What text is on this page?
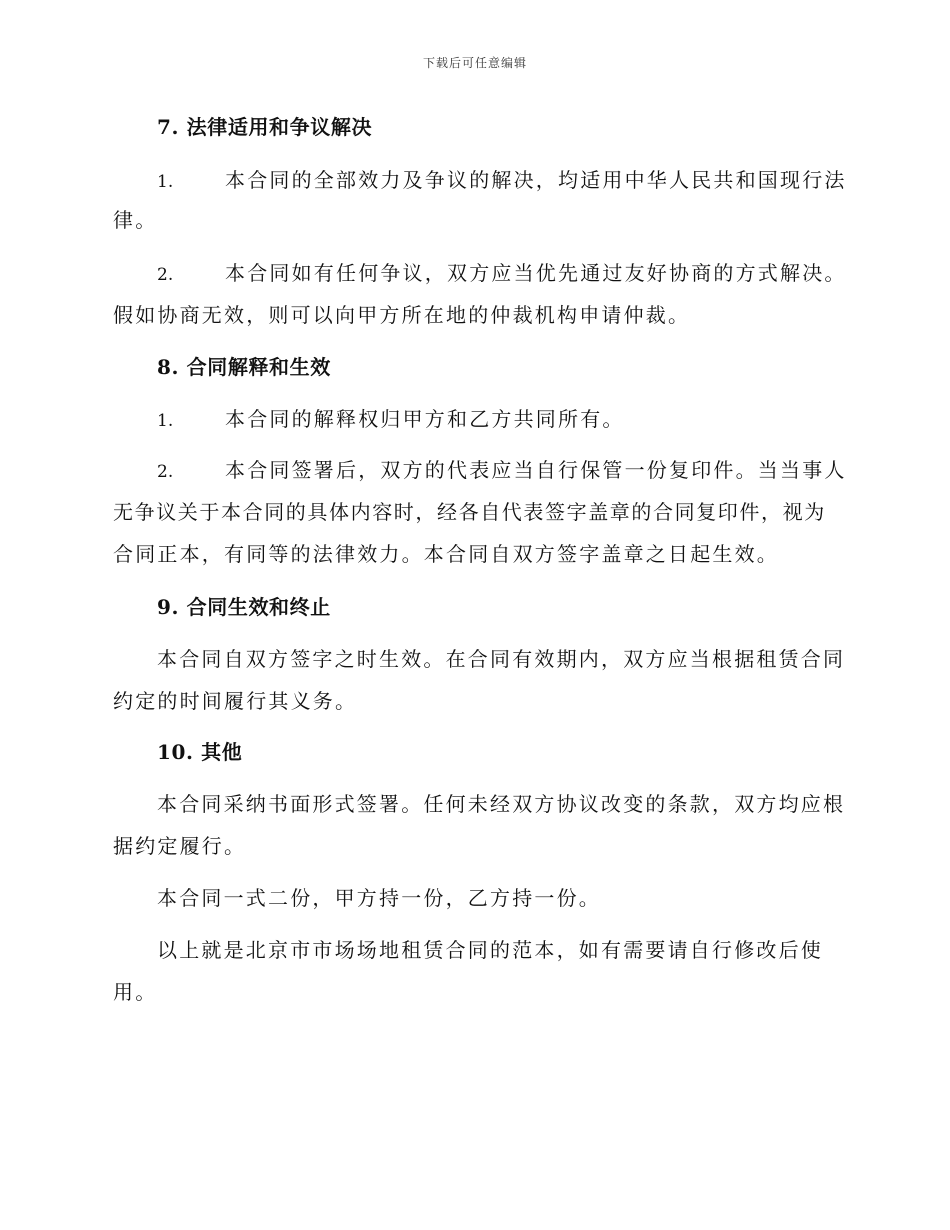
下载后可任意编辑
7. 法律适用和争议解决
1.	本合同的全部效力及争议的解决，均适用中华人民共和国现行法
律。
2.	本合同如有任何争议，双方应当优先通过友好协商的方式解决。
假如协商无效，则可以向甲方所在地的仲裁机构申请仲裁。
8. 合同解释和生效
1.	本合同的解释权归甲方和乙方共同所有。
2.	本合同签署后，双方的代表应当自行保管一份复印件。当当事人
无争议关于本合同的具体内容时，经各自代表签字盖章的合同复印件，视为
合同正本，有同等的法律效力。本合同自双方签字盖章之日起生效。
9. 合同生效和终止
本合同自双方签字之时生效。在合同有效期内，双方应当根据租赁合同
约定的时间履行其义务。
10. 其他
本合同采纳书面形式签署。任何未经双方协议改变的条款，双方均应根
据约定履行。
本合同一式二份，甲方持一份，乙方持一份。
以上就是北京市市场场地租赁合同的范本，如有需要请自行修改后使
用。
